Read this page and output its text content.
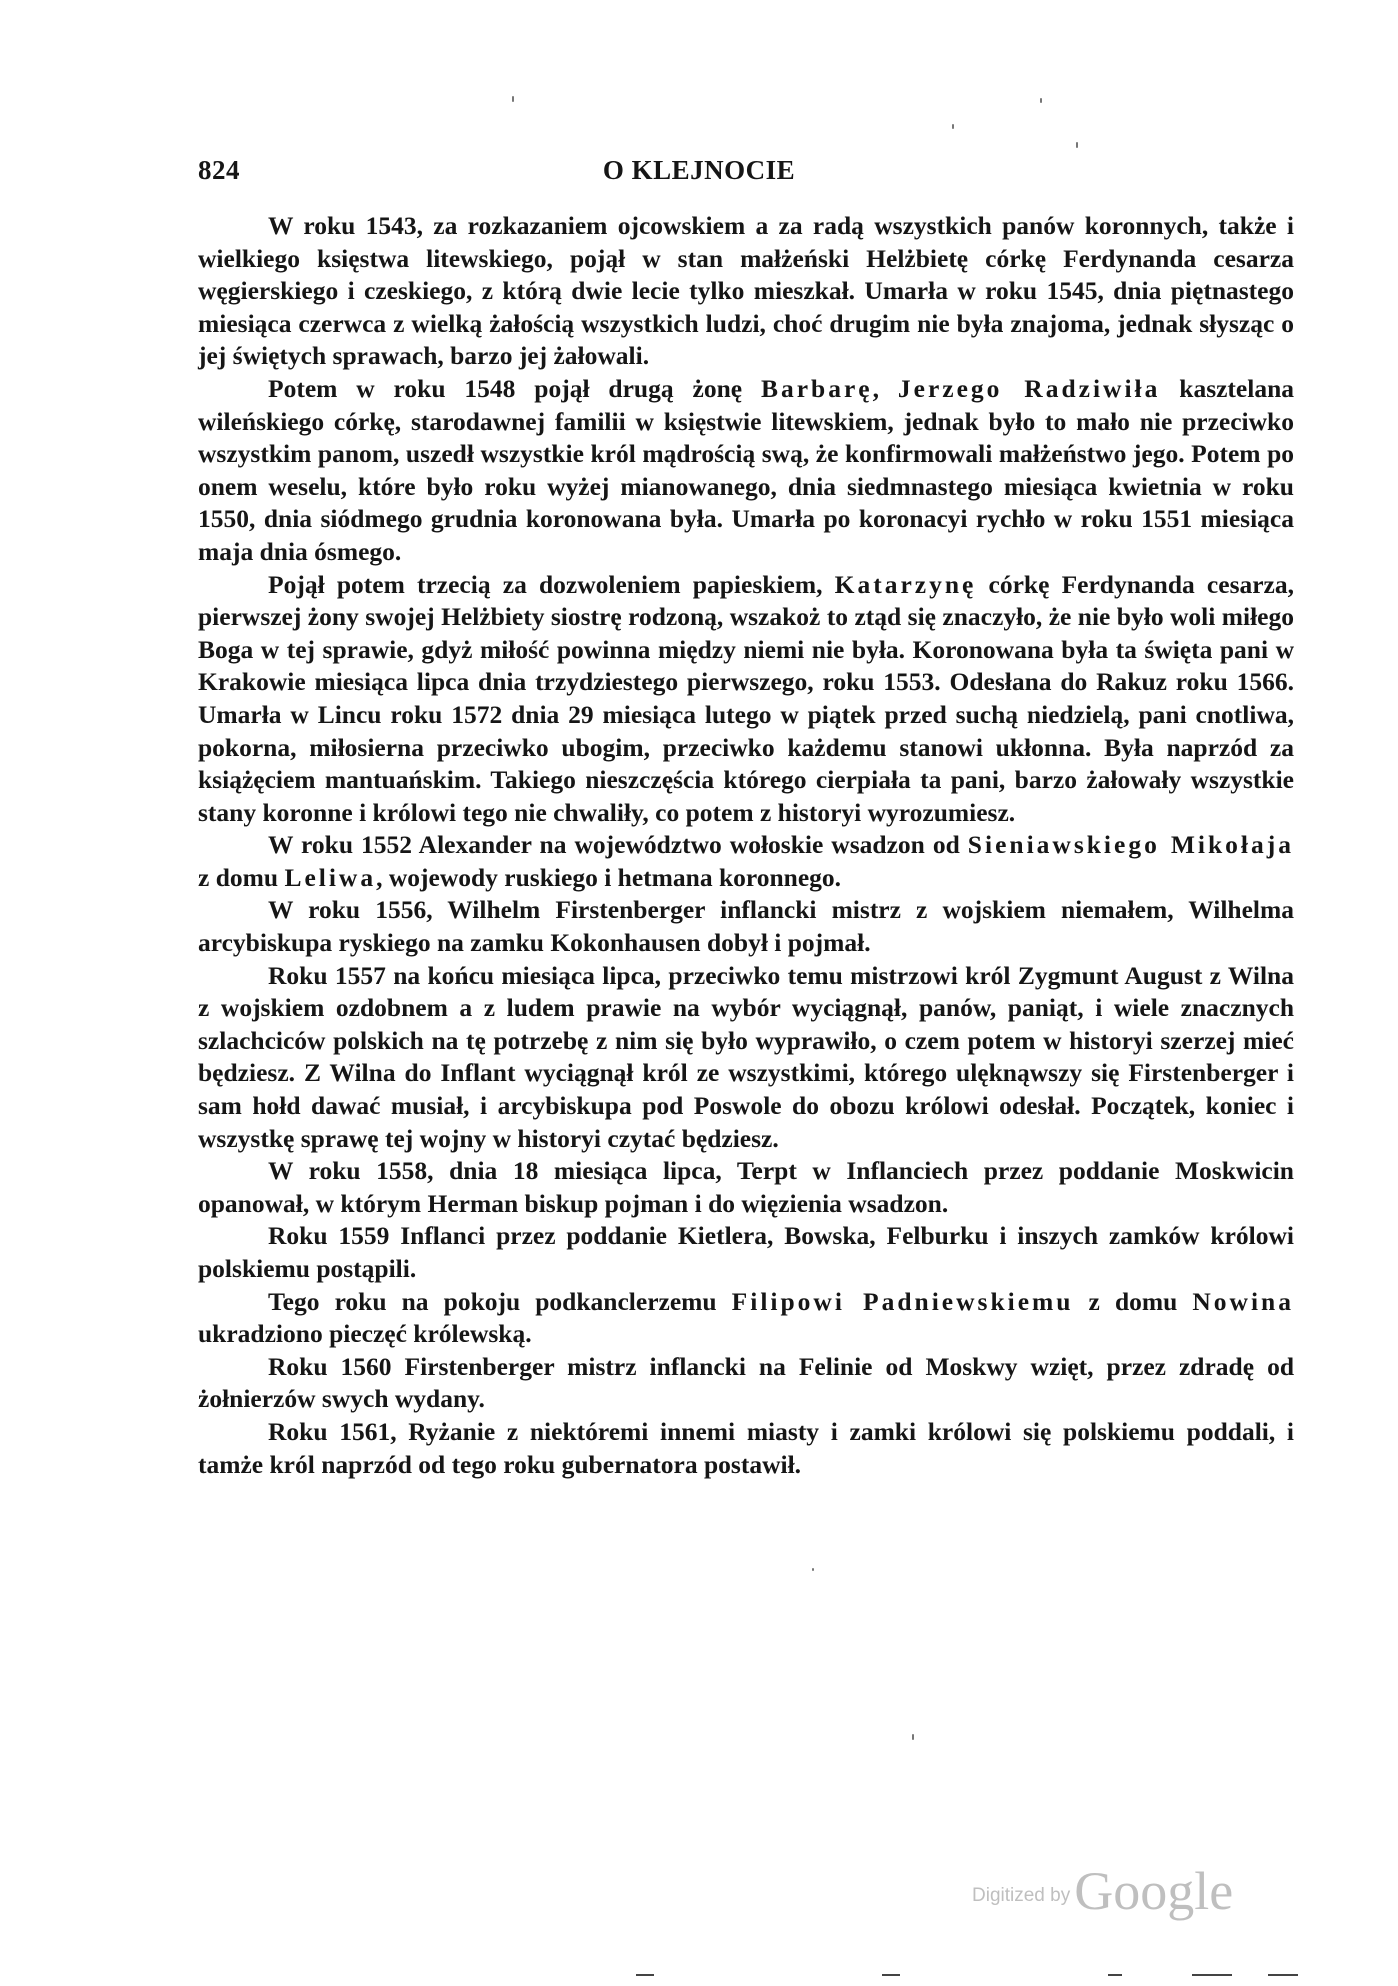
824	O KLEJNOCIE

W roku 1543, za rozkazaniem ojcowskiem a za radą wszystkich panów koronnych, także i wielkiego księstwa litewskiego, pojął w stan małżeński Helżbietę córkę Ferdynanda cesarza węgierskiego i czeskiego, z którą dwie lecie tylko mieszkał. Umarła w roku 1545, dnia piętnastego miesiąca czerwca z wielką żałością wszystkich ludzi, choć drugim nie była znajoma, jednak słysząc o jej świętych sprawach, barzo jej żałowali.

Potem w roku 1548 pojął drugą żonę Barbarę, Jerzego Radziwiła kasztelana wileńskiego córkę, starodawnej familii w księstwie litewskiem, jednak było to mało nie przeciwko wszystkim panom, uszedł wszystkie król mądrością swą, że konfirmowali małżeństwo jego. Potem po onem weselu, które było roku wyżej mianowanego, dnia siedmnastego miesiąca kwietnia w roku 1550, dnia siódmego grudnia koronowana była. Umarła po koronacyi rychło w roku 1551 miesiąca maja dnia ósmego.

Pojął potem trzecią za dozwoleniem papieskiem, Katarzynę córkę Ferdynanda cesarza, pierwszej żony swojej Helżbiety siostrę rodzoną, wszakoż to ztąd się znaczyło, że nie było woli miłego Boga w tej sprawie, gdyż miłość powinna między niemi nie była. Koronowana była ta święta pani w Krakowie miesiąca lipca dnia trzydziestego pierwszego, roku 1553. Odesłana do Rakuz roku 1566. Umarła w Lincu roku 1572 dnia 29 miesiąca lutego w piątek przed suchą niedzielą, pani cnotliwa, pokorna, miłosierna przeciwko ubogim, przeciwko każdemu stanowi ukłonna. Była naprzód za książęciem mantuańskim. Takiego nieszczęścia którego cierpiała ta pani, barzo żałowały wszystkie stany koronne i królowi tego nie chwaliły, co potem z historyi wyrozumiesz.

W roku 1552 Alexander na województwo wołoskie wsadzon od Sieniawskiego Mikołaja z domu Leliwa, wojewody ruskiego i hetmana koronnego.

W roku 1556, Wilhelm Firstenberger inflancki mistrz z wojskiem niemałem, Wilhelma arcybiskupa ryskiego na zamku Kokonhausen dobył i pojmał.

Roku 1557 na końcu miesiąca lipca, przeciwko temu mistrzowi król Zygmunt August z Wilna z wojskiem ozdobnem a z ludem prawie na wybór wyciągnął, panów, paniąt, i wiele znacznych szlachciców polskich na tę potrzebę z nim się było wyprawiło, o czem potem w historyi szerzej mieć będziesz. Z Wilna do Inflant wyciągnął król ze wszystkimi, którego ulęknąwszy się Firstenberger i sam hołd dawać musiał, i arcybiskupa pod Poswole do obozu królowi odesłał. Początek, koniec i wszystkę sprawę tej wojny w historyi czytać będziesz.

W roku 1558, dnia 18 miesiąca lipca, Terpt w Inflanciech przez poddanie Moskwicin opanował, w którym Herman biskup pojman i do więzienia wsadzon.

Roku 1559 Inflanci przez poddanie Kietlera, Bowska, Felburku i inszych zamków królowi polskiemu postąpili.

Tego roku na pokoju podkanclerzemu Filipowi Padniewskiemu z domu Nowina ukradziono pieczęć królewską.

Roku 1560 Firstenberger mistrz inflancki na Felinie od Moskwy wzięt, przez zdradę od żołnierzów swych wydany.

Roku 1561, Ryżanie z niektóremi innemi miasty i zamki królowi się polskiemu poddali, i tamże król naprzód od tego roku gubernatora postawił.

Digitized by Google
